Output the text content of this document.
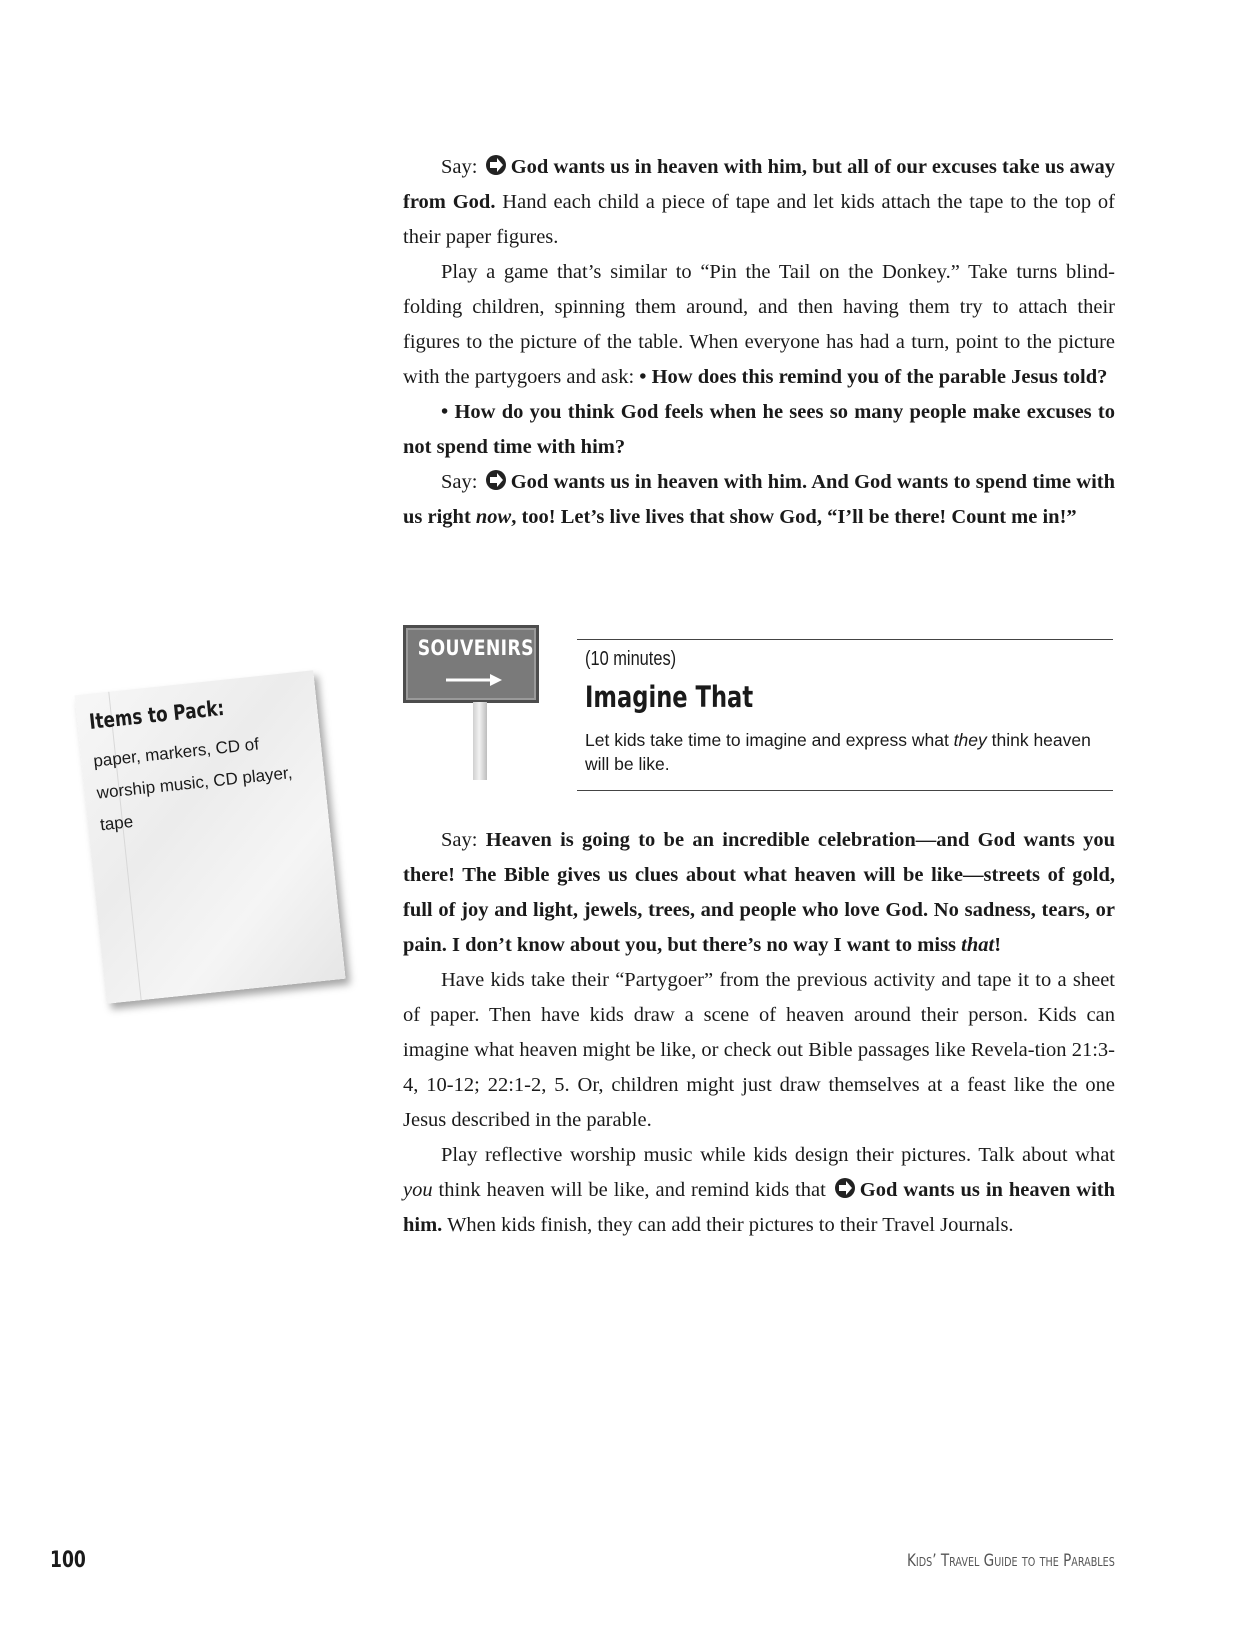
Say: God wants us in heaven with him, but all of our excuses take us away from God. Hand each child a piece of tape and let kids attach the tape to the top of their paper figures.

Play a game that’s similar to “Pin the Tail on the Donkey.” Take turns blind-folding children, spinning them around, and then having them try to attach their figures to the picture of the table. When everyone has had a turn, point to the picture with the partygoers and ask: • How does this remind you of the parable Jesus told?

• How do you think God feels when he sees so many people make excuses to not spend time with him?

Say: God wants us in heaven with him. And God wants to spend time with us right now, too! Let’s live lives that show God, “I’ll be there! Count me in!”

SOUVENIRS	(10 minutes)
Imagine That
Let kids take time to imagine and express what they think heaven will be like.
Items to Pack:
paper, markers, CD of worship music, CD player, tape

Say: Heaven is going to be an incredible celebration—and God wants you there! The Bible gives us clues about what heaven will be like—streets of gold, full of joy and light, jewels, trees, and people who love God. No sadness, tears, or pain. I don’t know about you, but there’s no way I want to miss that!

Have kids take their “Partygoer” from the previous activity and tape it to a sheet of paper. Then have kids draw a scene of heaven around their person. Kids can imagine what heaven might be like, or check out Bible passages like Revela-tion 21:3-4, 10-12; 22:1-2, 5. Or, children might just draw themselves at a feast like the one Jesus described in the parable.

Play reflective worship music while kids design their pictures. Talk about what you think heaven will be like, and remind kids that God wants us in heaven with him. When kids finish, they can add their pictures to their Travel Journals.

100	Kids’ Travel Guide to the Parables
